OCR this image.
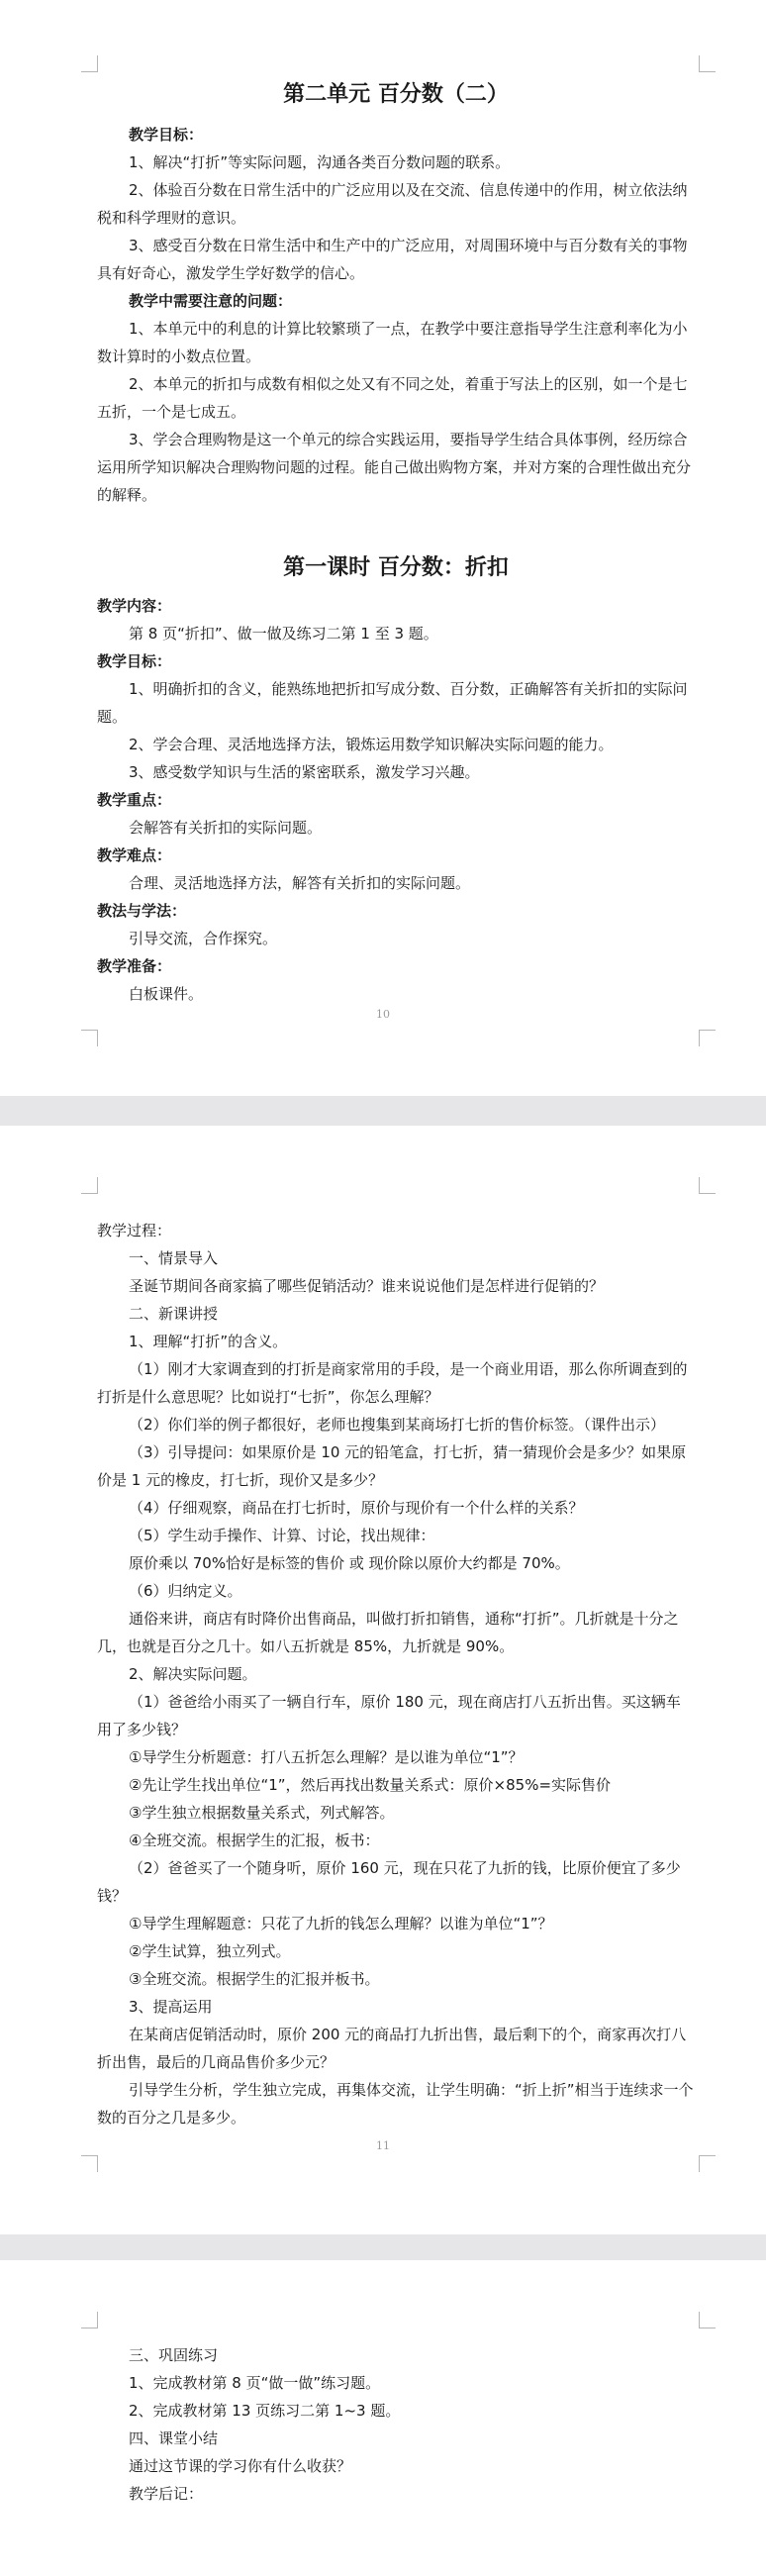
第二单元 百分数（二）

教学目标：

1、解决“打折”等实际问题，沟通各类百分数问题的联系。

2、体验百分数在日常生活中的广泛应用以及在交流、信息传递中的作用，树立依法纳税和科学理财的意识。

3、感受百分数在日常生活中和生产中的广泛应用，对周围环境中与百分数有关的事物具有好奇心，激发学生学好数学的信心。

教学中需要注意的问题：

1、本单元中的利息的计算比较繁琐了一点，在教学中要注意指导学生注意利率化为小数计算时的小数点位置。

2、本单元的折扣与成数有相似之处又有不同之处，着重于写法上的区别，如一个是七五折，一个是七成五。

3、学会合理购物是这一个单元的综合实践运用，要指导学生结合具体事例，经历综合运用所学知识解决合理购物问题的过程。能自己做出购物方案，并对方案的合理性做出充分的解释。

第一课时 百分数：折扣

教学内容：

第 8 页“折扣”、做一做及练习二第 1 至 3 题。

教学目标：

1、明确折扣的含义，能熟练地把折扣写成分数、百分数，正确解答有关折扣的实际问题。

2、学会合理、灵活地选择方法，锻炼运用数学知识解决实际问题的能力。

3、感受数学知识与生活的紧密联系，激发学习兴趣。

教学重点：

会解答有关折扣的实际问题。

教学难点：

合理、灵活地选择方法，解答有关折扣的实际问题。

教法与学法：

引导交流，合作探究。

教学准备：

白板课件。

10

教学过程：

一、情景导入

圣诞节期间各商家搞了哪些促销活动？谁来说说他们是怎样进行促销的？

二、新课讲授

1、理解“打折”的含义。

（1）刚才大家调查到的打折是商家常用的手段，是一个商业用语，那么你所调查到的打折是什么意思呢？比如说打“七折”，你怎么理解？

（2）你们举的例子都很好，老师也搜集到某商场打七折的售价标签。（课件出示）

（3）引导提问：如果原价是 10 元的铅笔盒，打七折，猜一猜现价会是多少？如果原价是 1 元的橡皮，打七折，现价又是多少？

（4）仔细观察，商品在打七折时，原价与现价有一个什么样的关系？

（5）学生动手操作、计算、讨论，找出规律：

原价乘以 70%恰好是标签的售价 或 现价除以原价大约都是 70%。

（6）归纳定义。

通俗来讲，商店有时降价出售商品，叫做打折扣销售，通称“打折”。几折就是十分之几，也就是百分之几十。如八五折就是 85%，九折就是 90%。

2、解决实际问题。

（1）爸爸给小雨买了一辆自行车，原价 180 元，现在商店打八五折出售。买这辆车用了多少钱？

①导学生分析题意：打八五折怎么理解？是以谁为单位“1”？

②先让学生找出单位“1”，然后再找出数量关系式：原价×85%=实际售价

③学生独立根据数量关系式，列式解答。

④全班交流。根据学生的汇报，板书：

（2）爸爸买了一个随身听，原价 160 元，现在只花了九折的钱，比原价便宜了多少钱？

①导学生理解题意：只花了九折的钱怎么理解？以谁为单位“1”？

②学生试算，独立列式。

③全班交流。根据学生的汇报并板书。

3、提高运用

在某商店促销活动时，原价 200 元的商品打九折出售，最后剩下的个，商家再次打八折出售，最后的几商品售价多少元？

引导学生分析，学生独立完成，再集体交流，让学生明确：“折上折”相当于连续求一个数的百分之几是多少。

11

三、巩固练习

1、完成教材第 8 页“做一做”练习题。

2、完成教材第 13 页练习二第 1~3 题。

四、课堂小结

通过这节课的学习你有什么收获？

教学后记：
